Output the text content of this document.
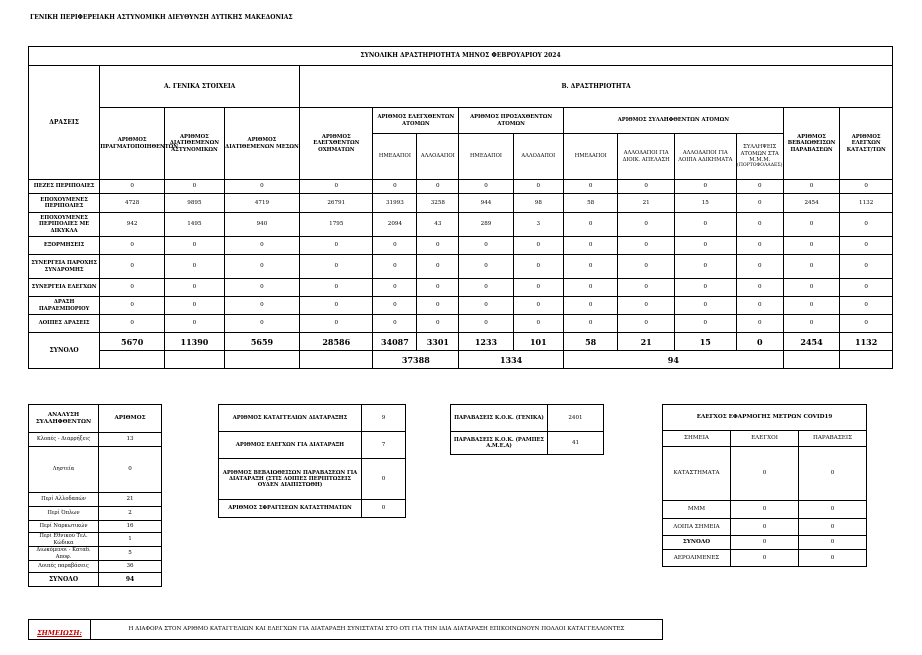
ΓΕΝΙΚΗ ΠΕΡΙΦΕΡΕΙΑΚΗ ΑΣΤΥΝΟΜΙΚΗ ΔΙΕΥΘΥΝΣΗ ΔΥΤΙΚΗΣ ΜΑΚΕΔΟΝΙΑΣ
ΣΥΝΟΛΙΚΗ ΔΡΑΣΤΗΡΙΟΤΗΤΑ ΜΗΝΟΣ ΦΕΒΡΟΥΑΡΙΟΥ 2024														
ΔΡΑΣΕΙΣ	Α. ΓΕΝΙΚΑ ΣΤΟΙΧΕΙΑ			Β. ΔΡΑΣΤΗΡΙΟΤΗΤΑ										
	ΑΡΙΘΜΟΣ ΠΡΑΓΜΑΤΟΠΟΙΗΘΕΝΤΩΝ	ΑΡΙΘΜΟΣ ΔΙΑΤΙΘΕΜΕΝΩΝ ΑΣΤΥΝΟΜΙΚΩΝ	ΑΡΙΘΜΟΣ ΔΙΑΤΙΘΕΜΕΝΩΝ ΜΕΣΩΝ	ΑΡΙΘΜΟΣ ΕΛΕΓΧΘΕΝΤΩΝ ΟΧΗΜΑΤΩΝ	ΑΡΙΘΜΟΣ ΕΛΕΓΧΘΕΝΤΩΝ ΑΤΟΜΩΝ		ΑΡΙΘΜΟΣ ΠΡΟΣΑΧΘΕΝΤΩΝ ΑΤΟΜΩΝ		ΑΡΙΘΜΟΣ ΣΥΛΛΗΦΘΕΝΤΩΝ ΑΤΟΜΩΝ				ΑΡΙΘΜΟΣ ΒΕΒΑΙΩΘΕΙΣΩΝ ΠΑΡΑΒΑΣΕΩΝ	ΑΡΙΘΜΟΣ ΕΛΕΓΧΩΝ ΚΑΤΑΣΤ/ΤΩΝ
					ΗΜΕΔΑΠΟΙ	ΑΛΛΟΔΑΠΟΙ	ΗΜΕΔΑΠΟΙ	ΑΛΛΟΔΑΠΟΙ	ΗΜΕΔΑΠΟΙ	ΑΛΛΟΔΑΠΟΙ ΓΙΑ ΔΙΟΙΚ. ΑΠΕΛΑΣΗ	ΑΛΛΟΔΑΠΟΙ ΓΙΑ ΛΟΙΠΑ ΑΔΙΚΗΜΑΤΑ	ΣΥΛΛΗΨΕΙΣ ΑΤΟΜΩΝ ΣΤΑ Μ.Μ.Μ.
(ΠΟΡΤΟΦΟΛΑΔΕΣ)		

ΠΕΖΕΣ ΠΕΡΙΠΟΛΙΕΣ	0	0	0	0	0	0	0	0	0	0	0	0	0	0
ΕΠΟΧΟΥΜΕΝΕΣ ΠΕΡΙΠΟΛΙΕΣ	4728	9895	4719	26791	31993	3258	944	98	58	21	15	0	2454	1132
ΕΠΟΧΟΥΜΕΝΕΣ ΠΕΡΙΠΟΛΙΕΣ ΜΕ ΔΙΚΥΚΛΑ	942	1495	940	1795	2094	43	289	3	0	0	0	0	0	0
ΕΞΟΡΜΗΣΕΙΣ	0	0	0	0	0	0	0	0	0	0	0	0	0	0
ΣΥΝΕΡΓΕΙΑ ΠΑΡΟΧΗΣ ΣΥΝΔΡΟΜΗΣ	0	0	0	0	0	0	0	0	0	0	0	0	0	0
ΣΥΝΕΡΓΕΙΑ ΕΛΕΓΧΩΝ	0	0	0	0	0	0	0	0	0	0	0	0	0	0
ΔΡΑΣΗ ΠΑΡΑΕΜΠΟΡΙΟΥ	0	0	0	0	0	0	0	0	0	0	0	0	0	0
ΛΟΙΠΕΣ ΔΡΑΣΕΙΣ	0	0	0	0	0	0	0	0	0	0	0	0	0	0
ΣΥΝΟΛΟ	5670	11390	5659	28586	34087	3301	1233	101	58	21	15	0	2454	1132
					37388		1334		94					
ΑΝΑΛΥΣΗ ΣΥΛΛΗΦΘΕΝΤΩΝ	ΑΡΙΘΜΟΣ
Κλοπές - Διαρρήξεις	13
Ληστεία	0
Περί Αλλοδαπών	21
Περί Όπλων	2
Περί Ναρκωτικών	16
Περί Εθνικού Τελ. Κώδικα	1
Διωκόμενοι - Καταδ. Αποφ.	5
Λοιπές παραβάσεις	36
ΣΥΝΟΛΟ	94
ΑΡΙΘΜΟΣ ΚΑΤΑΓΓΕΛΙΩΝ ΔΙΑΤΑΡΑΞΗΣ	9
ΑΡΙΘΜΟΣ ΕΛΕΓΧΩΝ ΓΙΑ ΔΙΑΤΑΡΑΞΗ	7
ΑΡΙΘΜΟΣ ΒΕΒΑΙΩΘΕΙΣΩΝ ΠΑΡΑΒΑΣΕΩΝ ΓΙΑ ΔΙΑΤΑΡΑΞΗ (ΣΤΙΣ ΛΟΙΠΕΣ ΠΕΡΙΠΤΩΣΕΙΣ ΟΥΔΕΝ ΔΙΑΠΙΣΤΩΘΗ)	0
ΑΡΙΘΜΟΣ ΣΦΡΑΓΙΣΕΩΝ ΚΑΤΑΣΤΗΜΑΤΩΝ	0
ΠΑΡΑΒΑΣΕΙΣ Κ.Ο.Κ. (ΓΕΝΙΚΑ)	2401
ΠΑΡΑΒΑΣΕΙΣ Κ.Ο.Κ. (ΡΑΜΠΕΣ Α.Μ.Ε.Α)	41
ΕΛΕΓΧΟΣ ΕΦΑΡΜΟΓΗΣ ΜΕΤΡΩΝ COVID19		
ΣΗΜΕΙΑ	ΕΛΕΓΧΟΙ	ΠΑΡΑΒΑΣΕΙΣ
ΚΑΤΑΣΤΗΜΑΤΑ	0	0
ΜΜΜ	0	0
ΛΟΙΠΑ ΣΗΜΕΙΑ	0	0
ΣΥΝΟΛΟ	0	0
ΑΕΡΟΛΙΜΕΝΕΣ	0	0
ΣΗΜΕΙΩΣΗ:	Η ΔΙΑΦΟΡΑ ΣΤΟΝ ΑΡΙΘΜΟ ΚΑΤΑΓΓΕΛΙΩΝ ΚΑΙ ΕΛΕΓΧΩΝ ΓΙΑ ΔΙΑΤΑΡΑΞΗ ΣΥΝΙΣΤΑΤΑΙ ΣΤΟ ΟΤΙ ΓΙΑ ΤΗΝ ΙΔΙΑ ΔΙΑΤΑΡΑΞΗ ΕΠΙΚΟΙΝΩΝΟΥΝ ΠΟΛΛΟΙ ΚΑΤΑΓΓΕΛΛΟΝΤΕΣ
